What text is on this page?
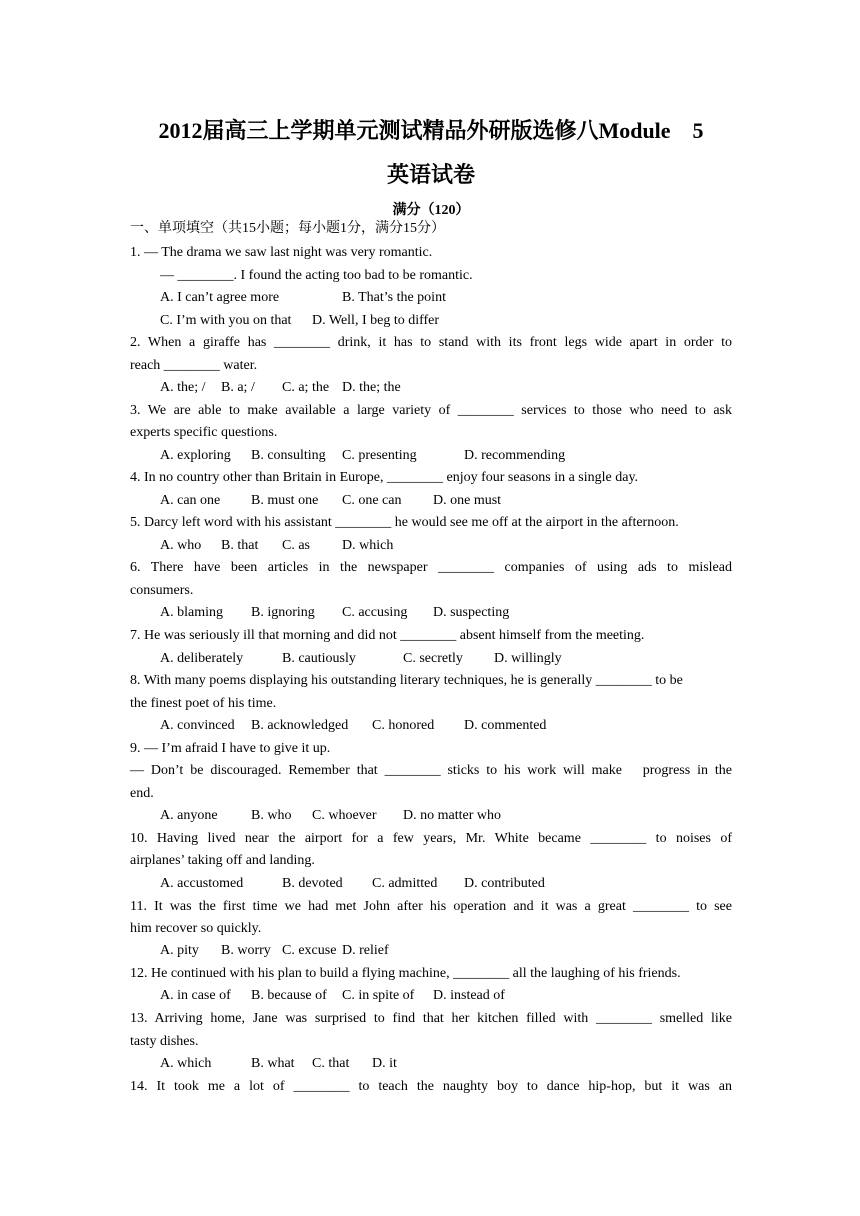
2012届高三上学期单元测试精品外研版选修八Module　5
英语试卷
满分（120）
一、单项填空（共15小题；每小题1分，满分15分）
1. — The drama we saw last night was very romantic.
— ________. I found the acting too bad to be romantic.
A. I can’t agree more	B. That’s the point
C. I’m with you on that D. Well, I beg to differ
2. When a giraffe has ________ drink, it has to stand with its front legs wide apart in order to
reach ________ water.
A. the; / B. a; / C. a; the D. the; the
3. We are able to make available a large variety of ________ services to those who need to ask
experts specific questions.
A. exploring B. consulting C. presenting	D. recommending
4. In no country other than Britain in Europe, ________ enjoy four seasons in a single day.
A. can one B. must one C. one can D. one must
5. Darcy left word with his assistant ________ he would see me off at the airport in the afternoon.
A. who B. that C. as D. which
6. There have been articles in the newspaper ________ companies of using ads to mislead
consumers.
A. blaming B. ignoring C. accusing D. suspecting
7. He was seriously ill that morning and did not ________ absent himself from the meeting.
A. deliberately	B. cautiously	C. secretly D. willingly
8. With many poems displaying his outstanding literary techniques, he is generally ________ to be
the finest poet of his time.
A. convinced B. acknowledged C. honored D. commented
9. — I’m afraid I have to give it up.
— Don’t be discouraged. Remember that ________ sticks to his work will make　progress in the
end.
A. anyone B. who C. whoever D. no matter who
10. Having lived near the airport for a few years, Mr. White became ________ to noises of
airplanes’ taking off and landing.
A. accustomed	B. devoted C. admitted D. contributed
11. It was the first time we had met John after his operation and it was a great ________ to see
him recover so quickly.
A. pity B. worry C. excuse D. relief
12. He continued with his plan to build a flying machine, ________ all the laughing of his friends.
A. in case of B. because of C. in spite of D. instead of
13. Arriving home, Jane was surprised to find that her kitchen filled with ________ smelled like
tasty dishes.
A. which	B. what C. that D. it
14. It took me a lot of ________ to teach the naughty boy to dance hip-hop, but it was an
